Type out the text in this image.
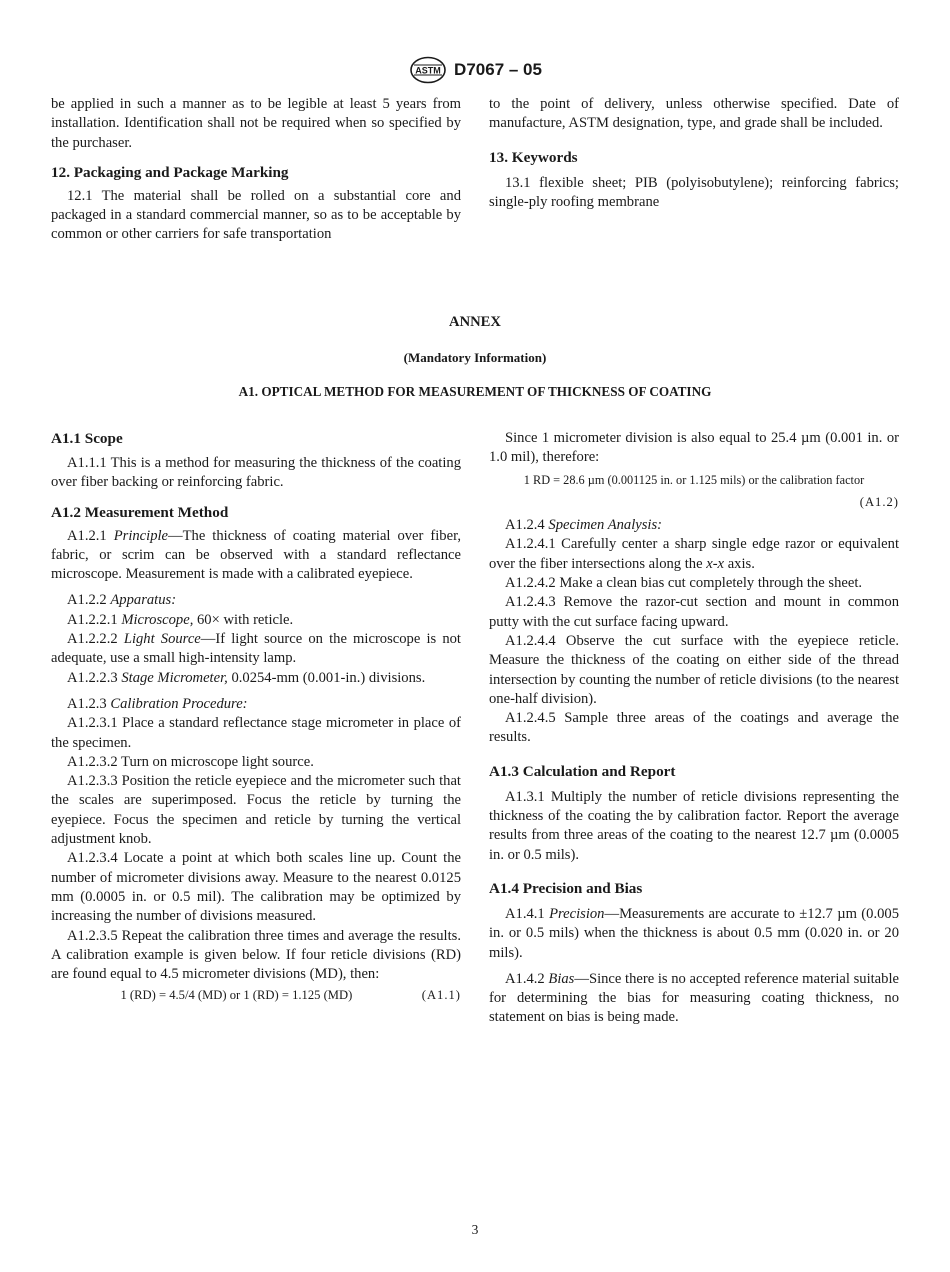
ASTM D7067 – 05

be applied in such a manner as to be legible at least 5 years from installation. Identification shall not be required when so specified by the purchaser.

12. Packaging and Package Marking

12.1 The material shall be rolled on a substantial core and packaged in a standard commercial manner, so as to be acceptable by common or other carriers for safe transportation

to the point of delivery, unless otherwise specified. Date of manufacture, ASTM designation, type, and grade shall be included.

13. Keywords

13.1 flexible sheet; PIB (polyisobutylene); reinforcing fabrics; single-ply roofing membrane

ANNEX
(Mandatory Information)
A1. OPTICAL METHOD FOR MEASUREMENT OF THICKNESS OF COATING
A1.1 Scope

A1.1.1 This is a method for measuring the thickness of the coating over fiber backing or reinforcing fabric.

A1.2 Measurement Method

A1.2.1 Principle—The thickness of coating material over fiber, fabric, or scrim can be observed with a standard reflectance microscope. Measurement is made with a calibrated eyepiece.

A1.2.2 Apparatus:

A1.2.2.1 Microscope, 60× with reticle.

A1.2.2.2 Light Source—If light source on the microscope is not adequate, use a small high-intensity lamp.

A1.2.2.3 Stage Micrometer, 0.0254-mm (0.001-in.) divisions.

A1.2.3 Calibration Procedure:

A1.2.3.1 Place a standard reflectance stage micrometer in place of the specimen.

A1.2.3.2 Turn on microscope light source.

A1.2.3.3 Position the reticle eyepiece and the micrometer such that the scales are superimposed. Focus the reticle by turning the eyepiece. Focus the specimen and reticle by turning the vertical adjustment knob.

A1.2.3.4 Locate a point at which both scales line up. Count the number of micrometer divisions away. Measure to the nearest 0.0125 mm (0.0005 in. or 0.5 mil). The calibration may be optimized by increasing the number of divisions measured.

A1.2.3.5 Repeat the calibration three times and average the results. A calibration example is given below. If four reticle divisions (RD) are found equal to 4.5 micrometer divisions (MD), then:

1 (RD) = 4.5/4 (MD) or 1 (RD) = 1.125 (MD)	(A1.1)

Since 1 micrometer division is also equal to 25.4 µm (0.001 in. or 1.0 mil), therefore:

1 RD = 28.6 µm (0.001125 in. or 1.125 mils) or the calibration factor
(A1.2)

A1.2.4 Specimen Analysis:

A1.2.4.1 Carefully center a sharp single edge razor or equivalent over the fiber intersections along the x-x axis.

A1.2.4.2 Make a clean bias cut completely through the sheet.

A1.2.4.3 Remove the razor-cut section and mount in common putty with the cut surface facing upward.

A1.2.4.4 Observe the cut surface with the eyepiece reticle. Measure the thickness of the coating on either side of the thread intersection by counting the number of reticle divisions (to the nearest one-half division).

A1.2.4.5 Sample three areas of the coatings and average the results.

A1.3 Calculation and Report

A1.3.1 Multiply the number of reticle divisions representing the thickness of the coating the by calibration factor. Report the average results from three areas of the coating to the nearest 12.7 µm (0.0005 in. or 0.5 mils).

A1.4 Precision and Bias

A1.4.1 Precision—Measurements are accurate to ±12.7 µm (0.005 in. or 0.5 mils) when the thickness is about 0.5 mm (0.020 in. or 20 mils).

A1.4.2 Bias—Since there is no accepted reference material suitable for determining the bias for measuring coating thickness, no statement on bias is being made.

3
